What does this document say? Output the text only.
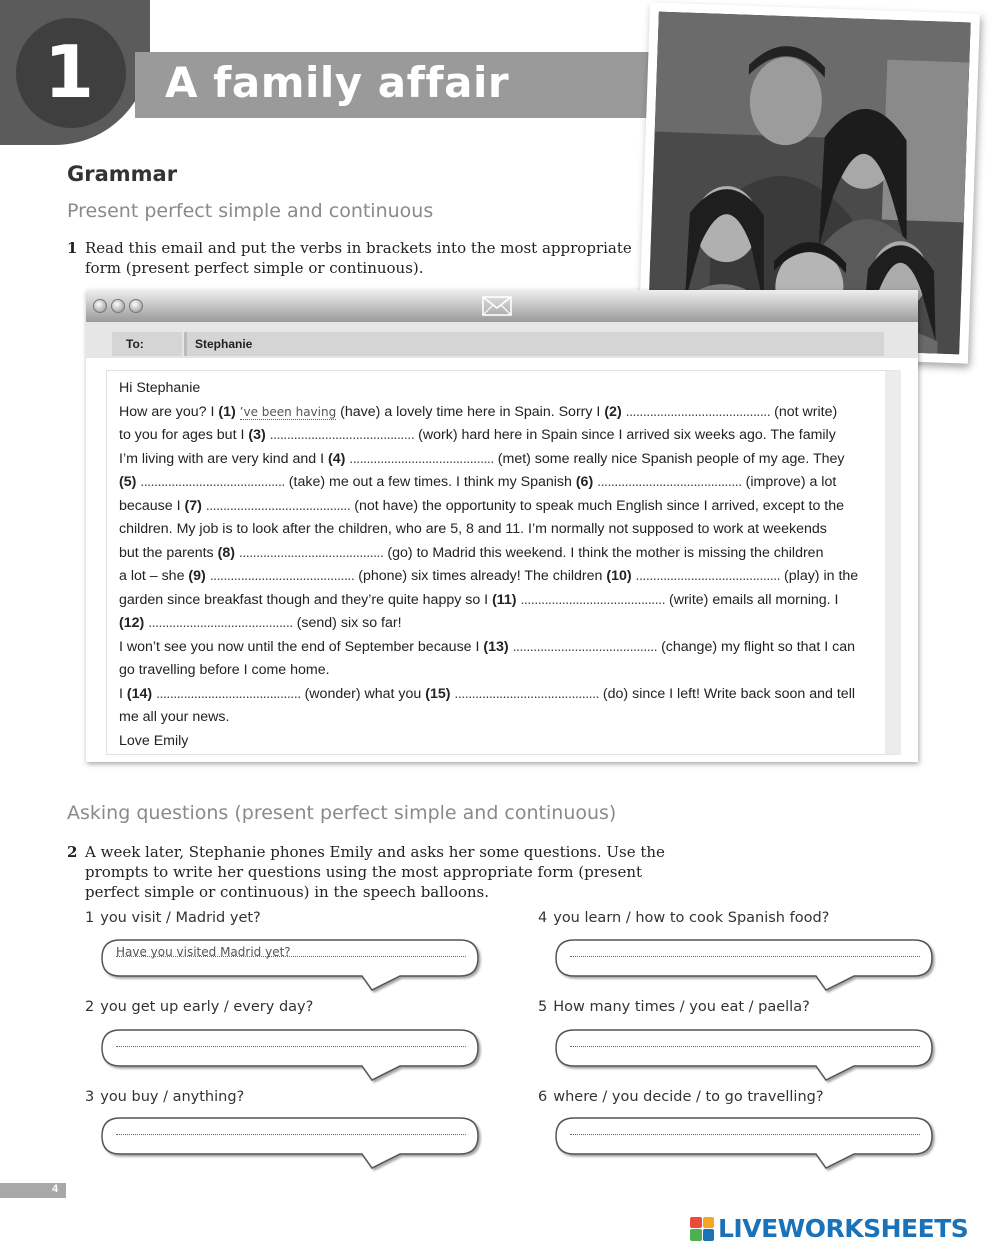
1 A family affair
Grammar
Present perfect simple and continuous
1 Read this email and put the verbs in brackets into the most appropriate form (present perfect simple or continuous).
To:	Stephanie
Hi Stephanie
How are you? I (1) ’ve been having (have) a lovely time here in Spain. Sorry I (2) .......................................... (not write)
to you for ages but I (3) .......................................... (work) hard here in Spain since I arrived six weeks ago. The family
I’m living with are very kind and I (4) .......................................... (met) some really nice Spanish people of my age. They
(5) .......................................... (take) me out a few times. I think my Spanish (6) .......................................... (improve) a lot
because I (7) .......................................... (not have) the opportunity to speak much English since I arrived, except to the
children. My job is to look after the children, who are 5, 8 and 11. I’m normally not supposed to work at weekends
but the parents (8) .......................................... (go) to Madrid this weekend. I think the mother is missing the children
a lot – she (9) .......................................... (phone) six times already! The children (10) .......................................... (play) in the
garden since breakfast though and they’re quite happy so I (11) .......................................... (write) emails all morning. I
(12) .......................................... (send) six so far!
I won’t see you now until the end of September because I (13) .......................................... (change) my flight so that I can
go travelling before I come home.
I (14) .......................................... (wonder) what you (15) .......................................... (do) since I left! Write back soon and tell
me all your news.
Love Emily
Asking questions (present perfect simple and continuous)
2 A week later, Stephanie phones Emily and asks her some questions. Use the prompts to write her questions using the most appropriate form (present perfect simple or continuous) in the speech balloons.
1 you visit / Madrid yet?
2 you get up early / every day?
3 you buy / anything?
4 you learn / how to cook Spanish food?
5 How many times / you eat / paella?
6 where / you decide / to go travelling?
Have you visited Madrid yet?
4
LIVEWORKSHEETS
